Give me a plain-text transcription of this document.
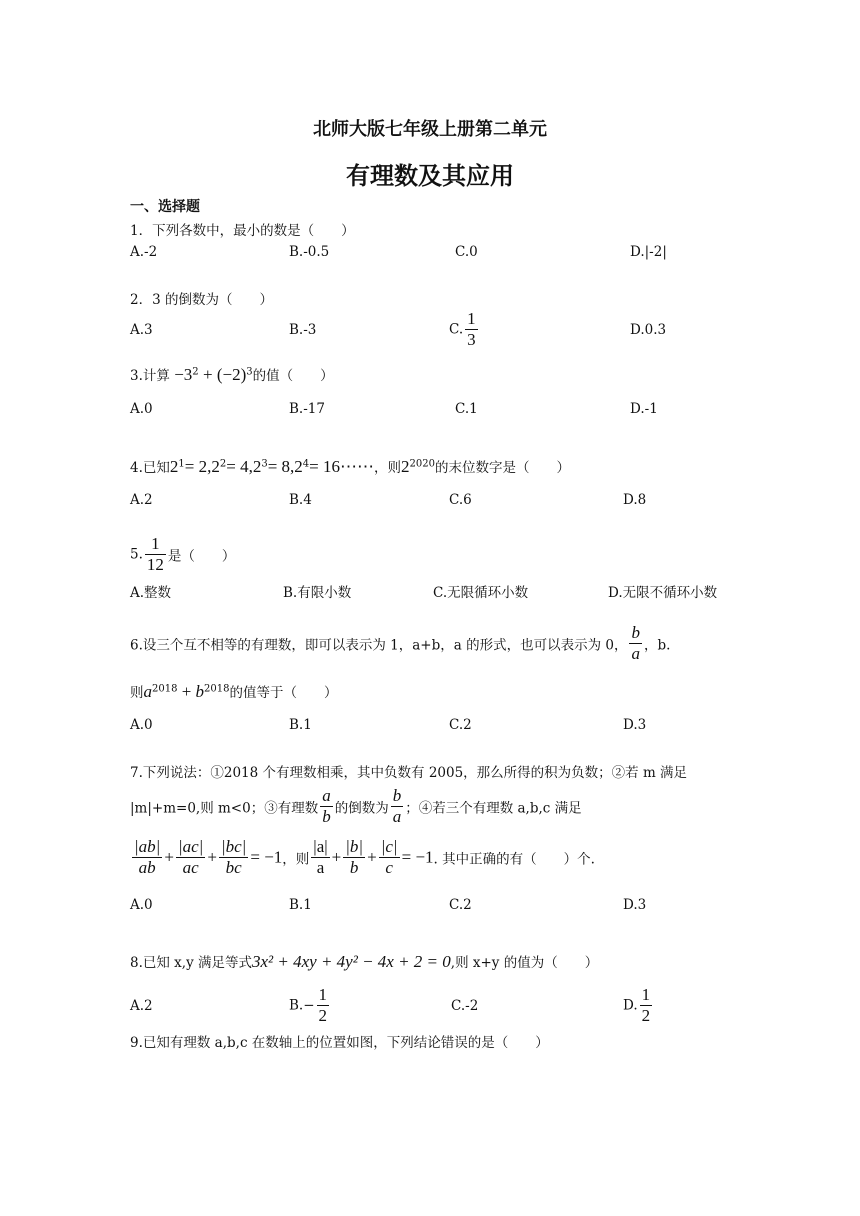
北师大版七年级上册第二单元
有理数及其应用
一、选择题
1．下列各数中，最小的数是（　　）
A.-2	B.-0.5	C.0	D.|-2|
2．3 的倒数为（　　）
A.3	B.-3	C. $\frac{1}{3}$	D.0.3
3.计算 $-3^2 + (-2)^3$的值（　　）
A.0	B.-17	C.1	D.-1
4.已知$2^1= 2,2^2= 4,2^3= 8,2^4=$ 16⋯⋯，则$2^{2020}$的末位数字是（　　）
A.2	B.4	C.6	D.8
5. $\frac{1}{12}$ 是（　　）
A.整数	B.有限小数	C.无限循环小数	D.无限不循环小数
6.设三个互不相等的有理数，即可以表示为 1，a+b，a 的形式，也可以表示为 0， $\frac{b}{a}$ ，b.
则$a^{2018} + b^{2018}$的值等于（　　）
A.0	B.1	C.2	D.3
7.下列说法：①2018 个有理数相乘，其中负数有 2005，那么所得的积为负数；②若 m 满足
|m|+m=0,则 m<0；③有理数 $\frac{a}{b}$ 的倒数为 $\frac{b}{a}$ ；④若三个有理数 a,b,c 满足
$\frac{|ab|}{ab} + \frac{|ac|}{ac} + \frac{|bc|}{bc} = -1$，则 $\frac{|a|}{a} + \frac{|b|}{b} + \frac{|c|}{c} = -1$. 其中正确的有（　　）个.
A.0	B.1	C.2	D.3
8.已知 x,y 满足等式3x² + 4xy + 4y² − 4x + 2 = 0,则 x+y 的值为（　　）
A.2	$B.- \frac{1}{2}$	C.-2	D. $\frac{1}{2}$
9.已知有理数 a,b,c 在数轴上的位置如图，下列结论错误的是（　　）
